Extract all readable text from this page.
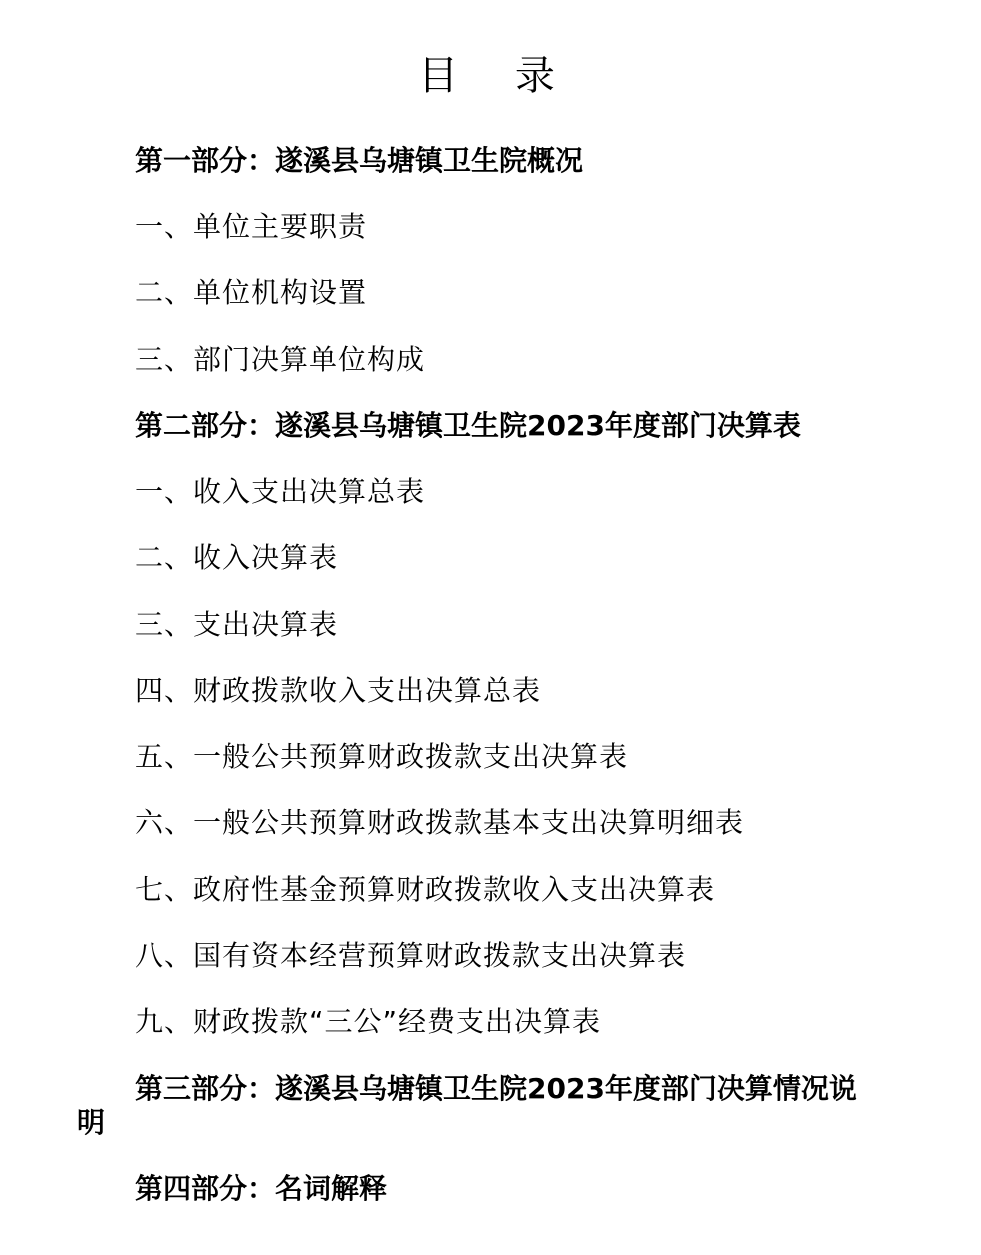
目 录
第一部分：遂溪县乌塘镇卫生院概况
一、单位主要职责
二、单位机构设置
三、部门决算单位构成
第二部分：遂溪县乌塘镇卫生院2023年度部门决算表
一、收入支出决算总表
二、收入决算表
三、支出决算表
四、财政拨款收入支出决算总表
五、一般公共预算财政拨款支出决算表
六、一般公共预算财政拨款基本支出决算明细表
七、政府性基金预算财政拨款收入支出决算表
八、国有资本经营预算财政拨款支出决算表
九、财政拨款“三公”经费支出决算表
第三部分：遂溪县乌塘镇卫生院2023年度部门决算情况说明
第四部分：名词解释
